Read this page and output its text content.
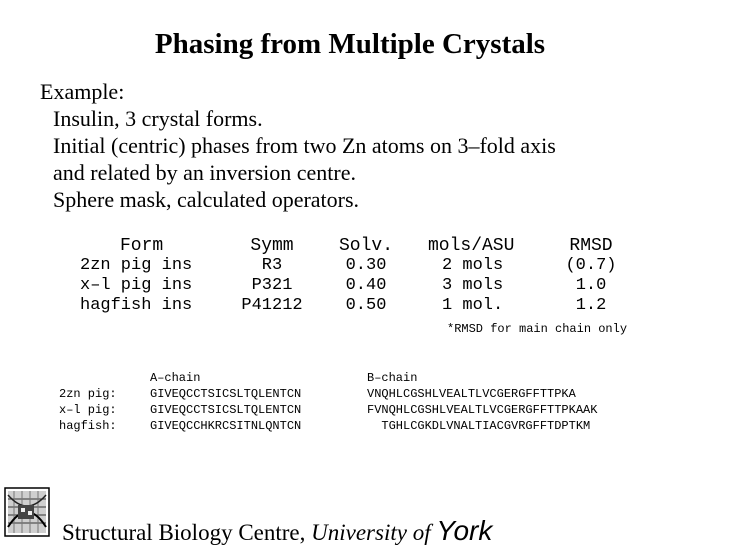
Phasing from Multiple Crystals
Example:
Insulin, 3 crystal forms.
Initial (centric) phases from two Zn atoms on 3–fold axis
and related by an inversion centre.
Sphere mask, calculated operators.
Form
2zn pig ins
x–l pig ins
hagfish ins
Symm
R3
P321
P41212
Solv.
0.30
0.40
0.50
mols/ASU
2 mols
3 mols
1 mol.
RMSD
(0.7)
1.0
1.2
*RMSD for main chain only
2zn pig:
x–l pig:
hagfish:
A–chain
GIVEQCCTSICSLTQLENTCN
GIVEQCCTSICSLTQLENTCN
GIVEQCCHKRCSITNLQNTCN
B–chain
VNQHLCGSHLVEALTLVCGERGFFTTPKA
FVNQHLCGSHLVEALTLVCGERGFFTTPKAAK
TGHLCGKDLVNALTIACGVRGFFTDPTKM
Structural Biology Centre, University of York
